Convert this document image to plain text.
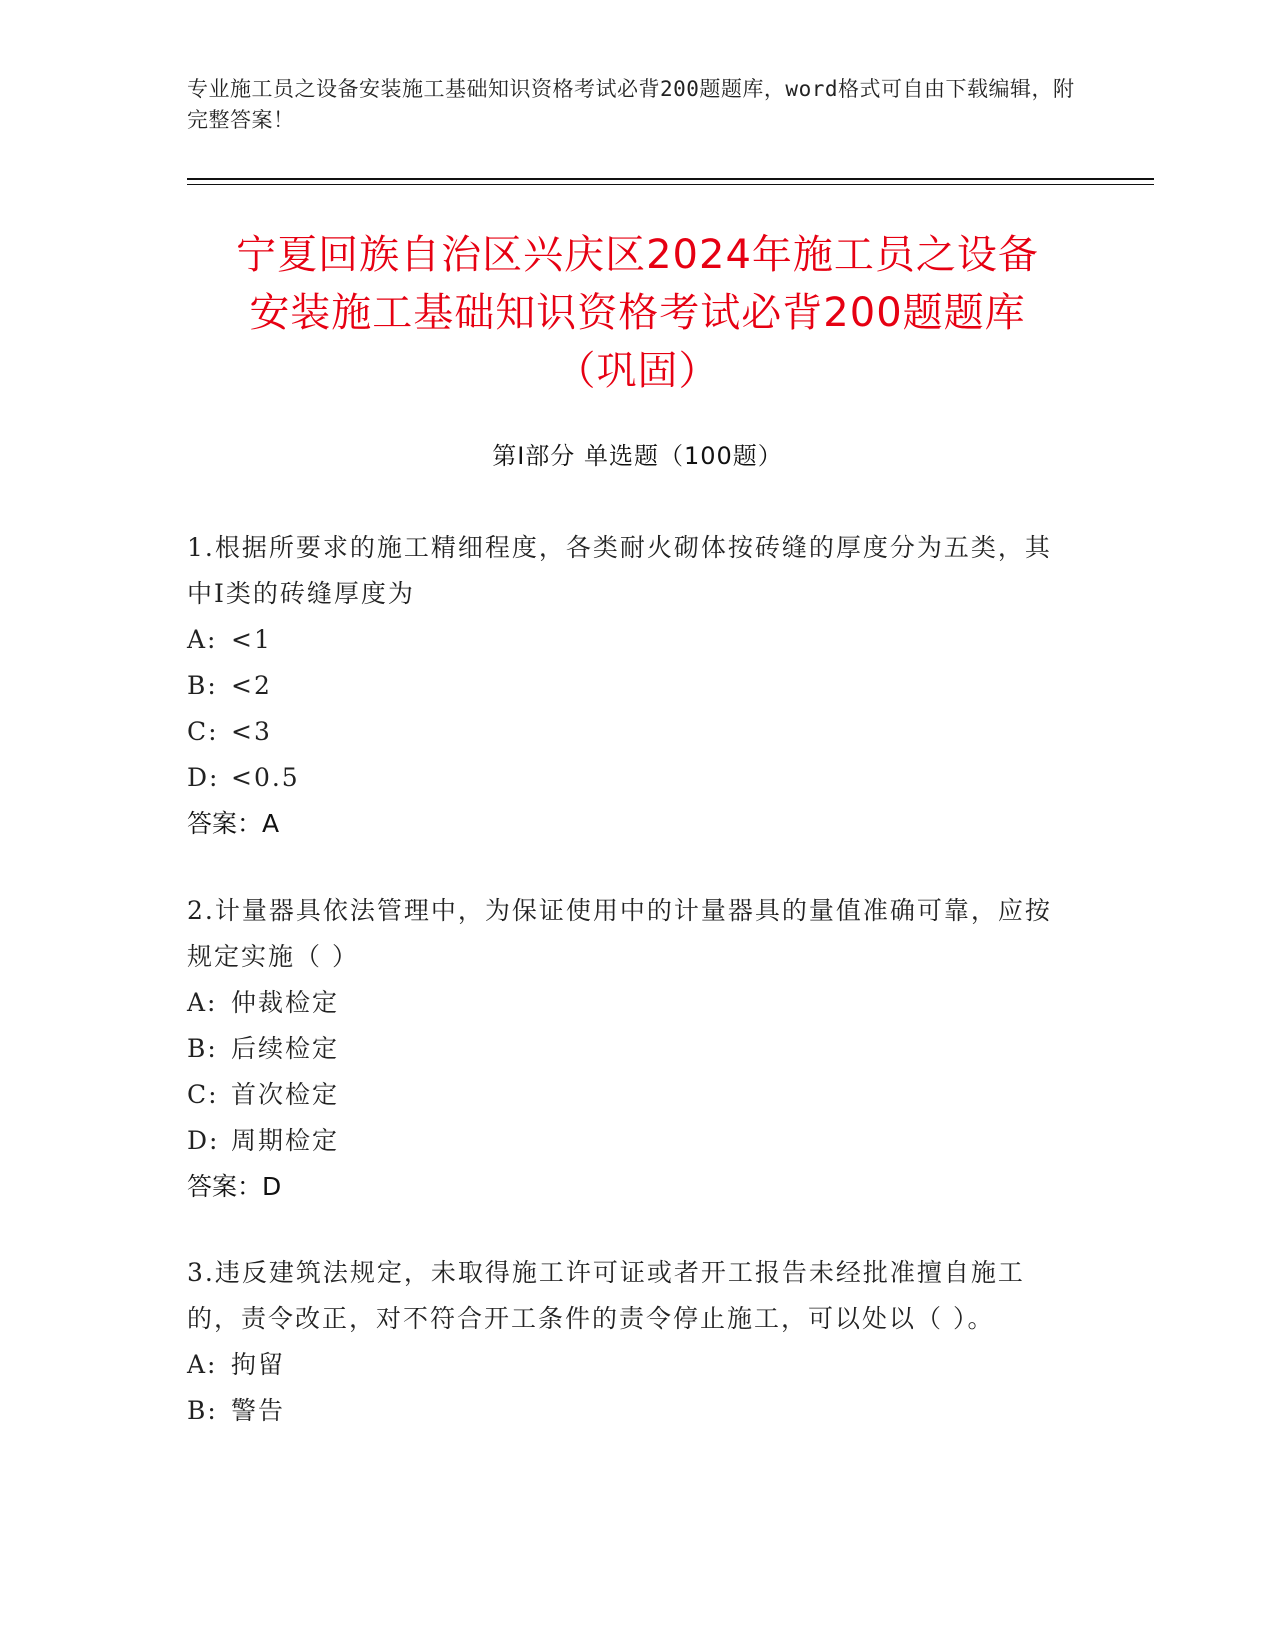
专业施工员之设备安装施工基础知识资格考试必背200题题库，word格式可自由下载编辑，附完整答案！
宁夏回族自治区兴庆区2024年施工员之设备
安装施工基础知识资格考试必背200题题库
（巩固）
第Ⅰ部分 单选题（100题）

1.根据所要求的施工精细程度，各类耐火砌体按砖缝的厚度分为五类，其中Ⅰ类的砖缝厚度为

A: <1

B: <2

C: <3

D: <0.5

答案：A

2.计量器具依法管理中，为保证使用中的计量器具的量值准确可靠，应按规定实施（ ）

A: 仲裁检定

B: 后续检定

C: 首次检定

D: 周期检定

答案：D

3.违反建筑法规定，未取得施工许可证或者开工报告未经批准擅自施工的，责令改正，对不符合开工条件的责令停止施工，可以处以（ ）。

A: 拘留

B: 警告
